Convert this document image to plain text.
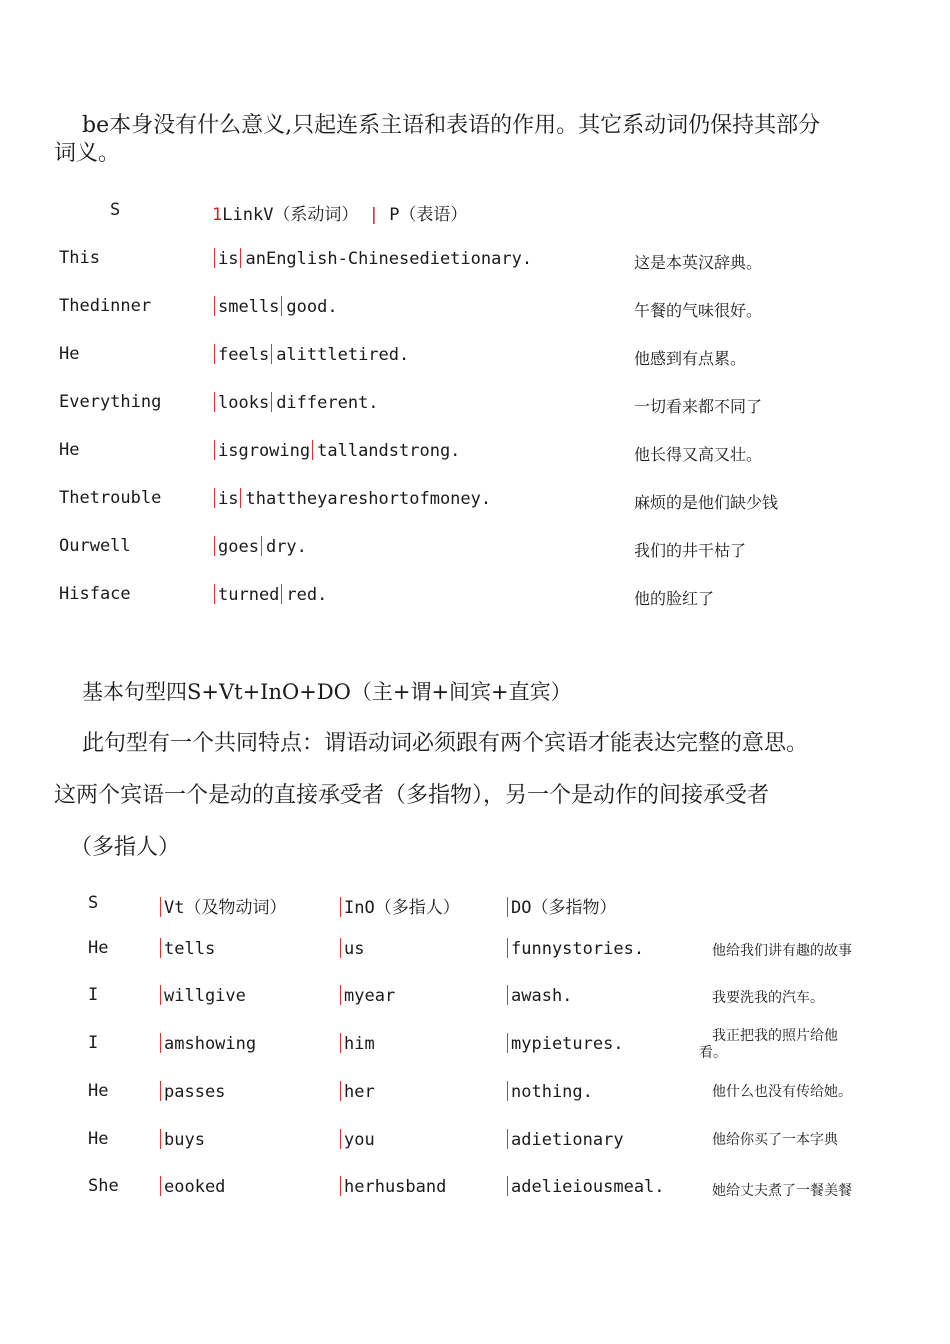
be本身没有什么意义,只起连系主语和表语的作用。其它系动词仍保持其部分
词义。
S	1LinkV（系动词） | P（表语）
This	is anEnglish-Chinesedietionary.	这是本英汉辞典。
Thedinner	smells good.	午餐的气味很好。
He	feels alittletired.	他感到有点累。
Everything	looks different.	一切看来都不同了
He	isgrowing tallandstrong.	他长得又高又壮。
Thetrouble	is thattheyareshortofmoney.	麻烦的是他们缺少钱
Ourwell	goes dry.	我们的井干枯了
Hisface	turned red.	他的脸红了
基本句型四S+Vt+InO+DO（主+谓+间宾+直宾）
此句型有一个共同特点：谓语动词必须跟有两个宾语才能表达完整的意思。
这两个宾语一个是动的直接承受者（多指物），另一个是动作的间接承受者
（多指人）
S	Vt（及物动词）	InO（多指人）	DO（多指物）
He	tells	us	funnystories.	他给我们讲有趣的故事
I	willgive	myear	awash.	我要洗我的汽车。
I	amshowing	him	mypietures.	我正把我的照片给他
看。
He	passes	her	nothing.	他什么也没有传给她。
He	buys	you	adietionary	他给你买了一本字典
She	eooked	herhusband	adelieiousmeal.	她给丈夫煮了一餐美餐
